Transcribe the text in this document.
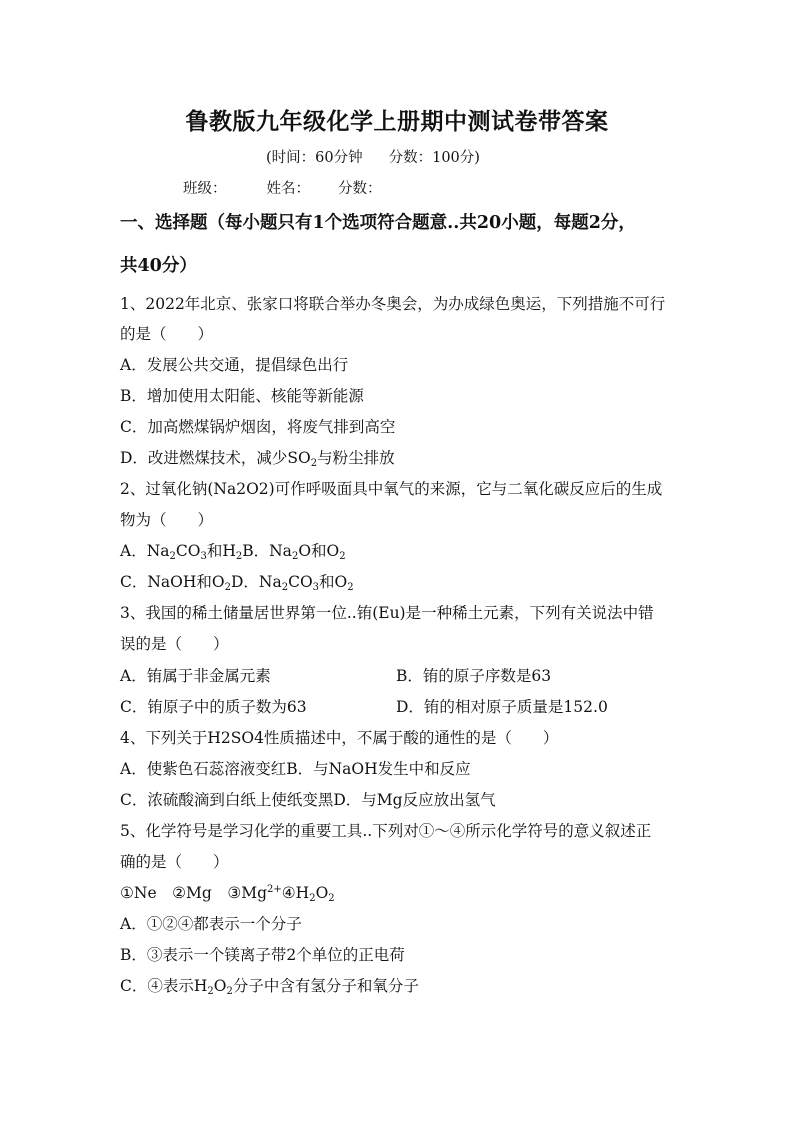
鲁教版九年级化学上册期中测试卷带答案
(时间：60分钟 分数：100分)
班级：	姓名： 分数：
一、选择题（每小题只有1个选项符合题意..共20小题，每题2分，
共40分）
1、2022年北京、张家口将联合举办冬奥会，为办成绿色奥运，下列措施不可行
的是（　　）
A．发展公共交通，提倡绿色出行
B．增加使用太阳能、核能等新能源
C．加高燃煤锅炉烟囱，将废气排到高空
D．改进燃煤技术，减少$SO_2$与粉尘排放
2、过氧化钠(Na2O2)可作呼吸面具中氧气的来源，它与二氧化碳反应后的生成
物为（　　）
A．$Na_2CO_3$和$H_2B$．$Na_2O$和$O_2$
C．NaOH和$O_2D$．$Na_2CO_3$和$O_2$
3、我国的稀土储量居世界第一位..铕(Eu)是一种稀土元素，下列有关说法中错
误的是（　　）
A．铕属于非金属元素	B．铕的原子序数是63
C．铕原子中的质子数为63	D．铕的相对原子质量是152.0
4、下列关于H2SO4性质描述中，不属于酸的通性的是（　　）
A．使紫色石蕊溶液变红B．与NaOH发生中和反应
C．浓硫酸滴到白纸上使纸变黑D．与Mg反应放出氢气
5、化学符号是学习化学的重要工具..下列对①～④所示化学符号的意义叙述正
确的是（　　）
①Ne　②Mg　$③Mg^{2+}④H_2O_2$
A．①②④都表示一个分子
B．③表示一个镁离子带2个单位的正电荷
C．④表示$H_2O_2$分子中含有氢分子和氧分子
